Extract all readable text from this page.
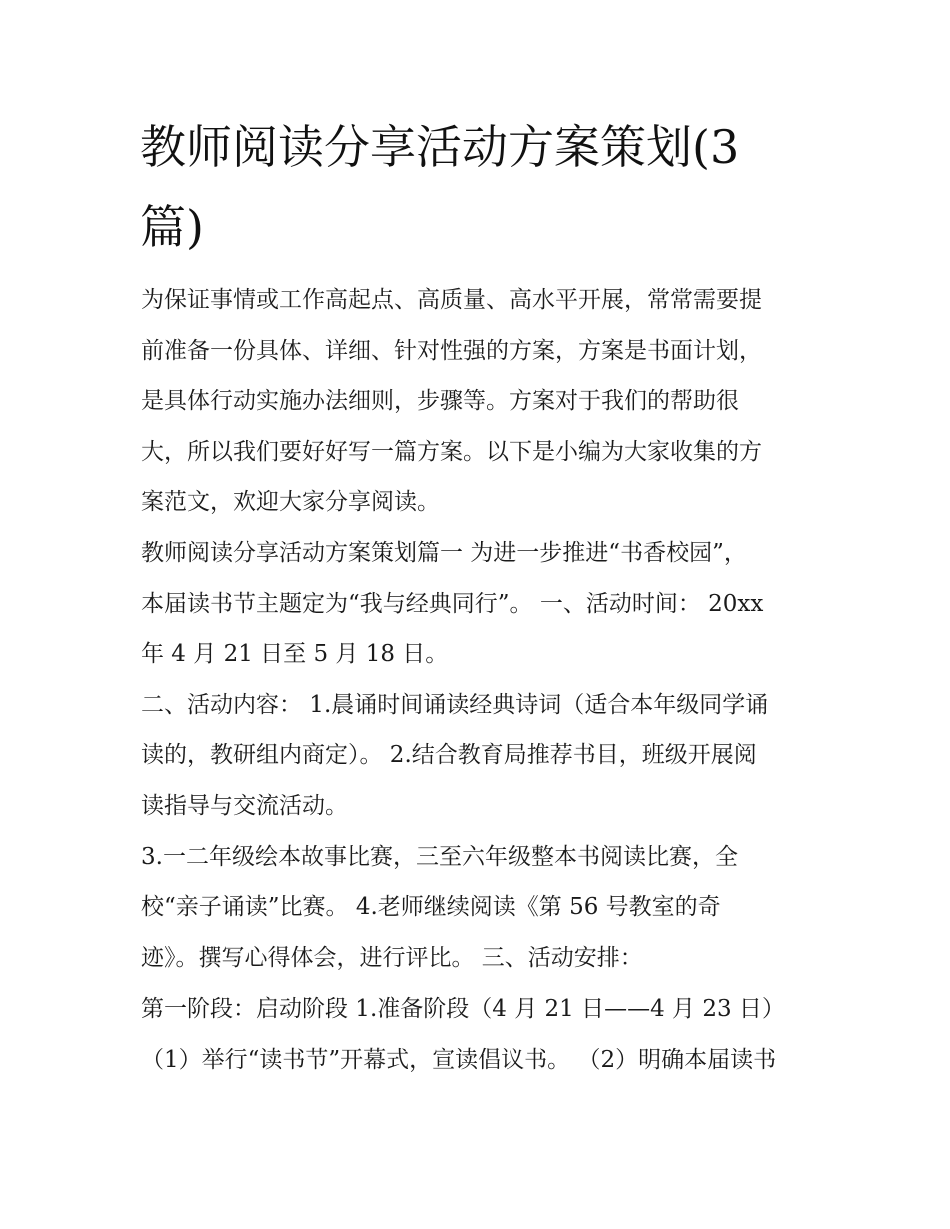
教师阅读分享活动方案策划(3
篇)
为保证事情或工作高起点、高质量、高水平开展，常常需要提
前准备一份具体、详细、针对性强的方案，方案是书面计划，
是具体行动实施办法细则，步骤等。方案对于我们的帮助很
大，所以我们要好好写一篇方案。以下是小编为大家收集的方
案范文，欢迎大家分享阅读。
教师阅读分享活动方案策划篇一 为进一步推进“书香校园”，
本届读书节主题定为“我与经典同行”。 一、活动时间： 20xx
年 4 月 21 日至 5 月 18 日。
二、活动内容： 1.晨诵时间诵读经典诗词（适合本年级同学诵
读的，教研组内商定）。 2.结合教育局推荐书目，班级开展阅
读指导与交流活动。
3.一二年级绘本故事比赛，三至六年级整本书阅读比赛，全
校“亲子诵读”比赛。 4.老师继续阅读《第 56 号教室的奇
迹》。撰写心得体会，进行评比。 三、活动安排：
第一阶段：启动阶段 1.准备阶段（4 月 21 日——4 月 23 日）
（1）举行“读书节”开幕式，宣读倡议书。 （2）明确本届读书
